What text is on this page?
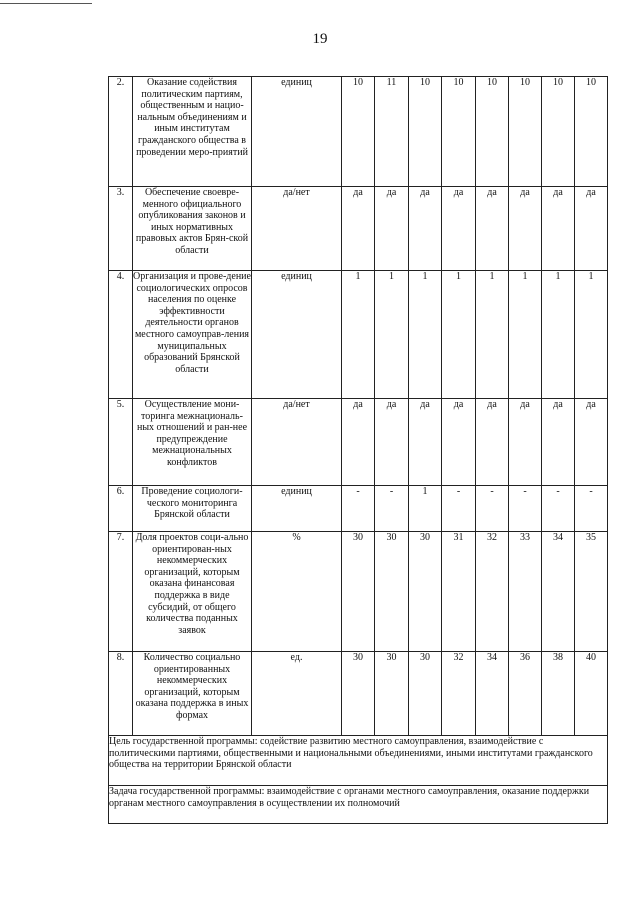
19
2.	Оказание содействия политическим партиям, общественным и нацио-нальным объединениям и иным институтам гражданского общества в проведении меро-приятий	единиц	10	11	10	10	10	10	10	10
3.	Обеспечение своевре-менного официального опубликования законов и иных нормативных правовых актов Брян-ской области	да/нет	да	да	да	да	да	да	да	да
4.	Организация и прове-дение социологических опросов населения по оценке эффективности деятельности органов местного самоуправ-ления муниципальных образований Брянской области	единиц	1	1	1	1	1	1	1	1
5.	Осуществление мони-торинга межнациональ-ных отношений и ран-нее предупреждение межнациональных конфликтов	да/нет	да	да	да	да	да	да	да	да
6.	Проведение социологи-ческого мониторинга Брянской области	единиц	-	-	1	-	-	-	-	-
7.	Доля проектов соци-ально ориентирован-ных некоммерческих организаций, которым оказана финансовая поддержка в виде субсидий, от общего количества поданных заявок	%	30	30	30	31	32	33	34	35
8.	Количество социально ориентированных некоммерческих организаций, которым оказана поддержка в иных формах	ед.	30	30	30	32	34	36	38	40
Цель государственной программы: содействие развитию местного самоуправления, взаимодействие с политическими партиями, общественными и национальными объединениями, иными институтами гражданского общества на территории Брянской области										
Задача государственной программы: взаимодействие с органами местного самоуправления, оказание поддержки органам местного самоуправления в осуществлении их полномочий										
